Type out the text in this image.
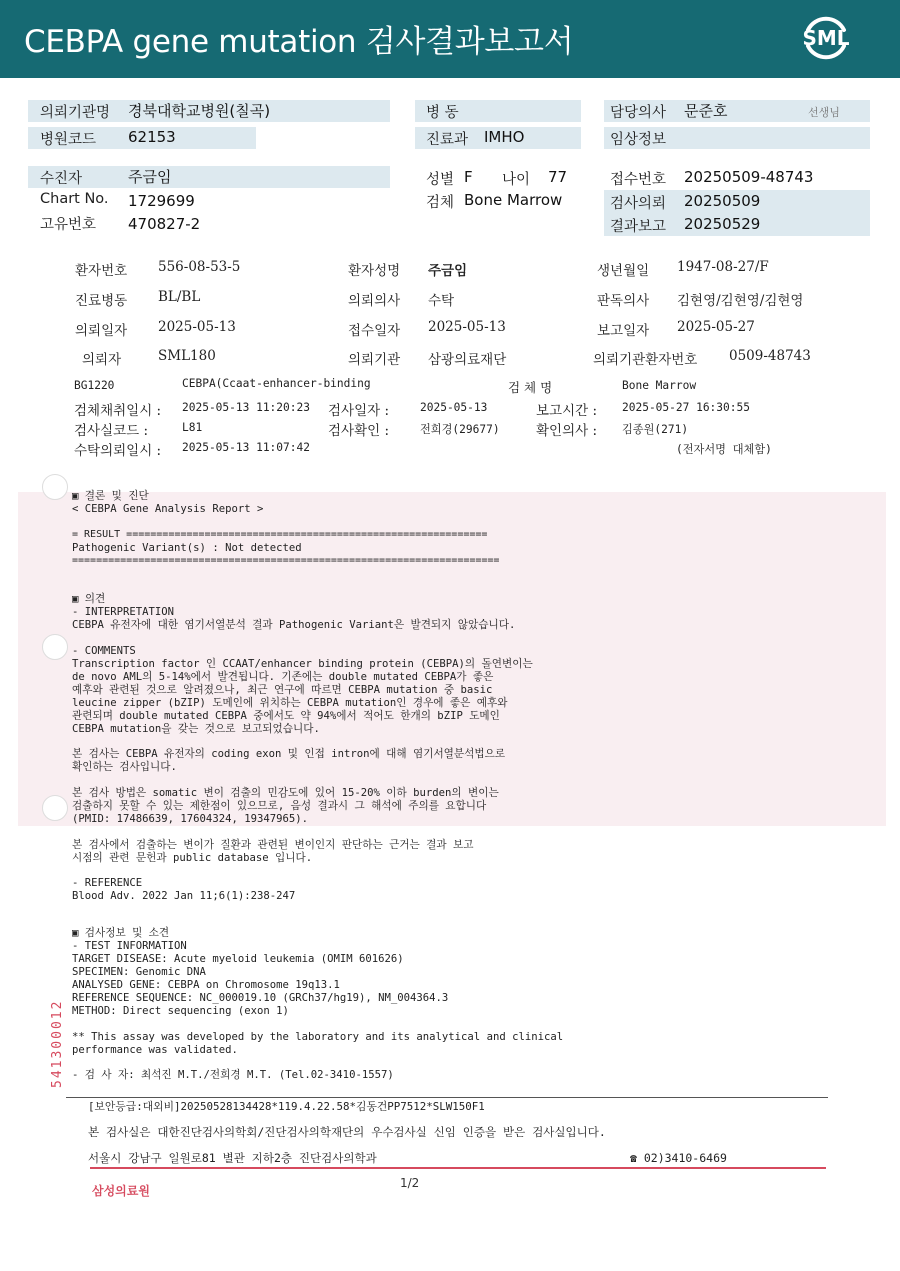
CEBPA gene mutation 검사결과보고서	SML
의뢰기관명 경북대학교병원(칠곡)
병원코드 62153
병 동
진료과 IMHO
담당의사 문준호	선생님
임상정보
수진자	주금임
Chart No. 1729699
고유번호 470827-2
성별 F 나이 77
검체 Bone Marrow
접수번호 20250509-48743
검사의뢰 20250509
결과보고 20250529
환자번호 556-08-53-5	환자성명 주금임	생년월일 1947-08-27/F
진료병동 BL/BL	의뢰의사 수탁	판독의사 김현영/김현영/김현영
의뢰일자 2025-05-13	접수일자 2025-05-13	보고일자 2025-05-27
의뢰자	SML180	의뢰기관 삼광의료재단	의뢰기관환자번호 0509-48743
BG1220	CEBPA(Ccaat-enhancer-binding	검 체 명	Bone Marrow
검체채취일시 : 2025-05-13 11:20:23 검사일자 :	2025-05-13	보고시간 : 2025-05-27 16:30:55
검사실코드 :	L81	검사확인 :	전희경(29677)	확인의사 : 김종원(271)
수탁의뢰일시 : 2025-05-13 11:07:42	(전자서명 대체함)
▣ 결론 및 진단
< CEBPA Gene Analysis Report >
= RESULT ============================================================
Pathogenic Variant(s) : Not detected
=======================================================================
▣ 의견
- INTERPRETATION
CEBPA 유전자에 대한 염기서열분석 결과 Pathogenic Variant은 발견되지 않았습니다.
- COMMENTS
Transcription factor 인 CCAAT/enhancer binding protein (CEBPA)의 돌연변이는
de novo AML의 5-14%에서 발견됩니다. 기존에는 double mutated CEBPA가 좋은
예후와 관련된 것으로 알려졌으나, 최근 연구에 따르면 CEBPA mutation 중 basic
leucine zipper (bZIP) 도메인에 위치하는 CEBPA mutation인 경우에 좋은 예후와
관련되며 double mutated CEBPA 중에서도 약 94%에서 적어도 한개의 bZIP 도메인
CEBPA mutation을 갖는 것으로 보고되었습니다.
본 검사는 CEBPA 유전자의 coding exon 및 인접 intron에 대해 염기서열분석법으로
확인하는 검사입니다.
본 검사 방법은 somatic 변이 검출의 민감도에 있어 15-20% 이하 burden의 변이는
검출하지 못할 수 있는 제한점이 있으므로, 음성 결과시 그 해석에 주의를 요합니다
(PMID: 17486639, 17604324, 19347965).
본 검사에서 검출하는 변이가 질환과 관련된 변이인지 판단하는 근거는 결과 보고
시점의 관련 문헌과 public database 입니다.
- REFERENCE
Blood Adv. 2022 Jan 11;6(1):238-247
▣ 검사정보 및 소견
- TEST INFORMATION
TARGET DISEASE: Acute myeloid leukemia (OMIM 601626)
SPECIMEN: Genomic DNA
ANALYSED GENE: CEBPA on Chromosome 19q13.1
REFERENCE SEQUENCE: NC_000019.10 (GRCh37/hg19), NM_004364.3
METHOD: Direct sequencing (exon 1)
** This assay was developed by the laboratory and its analytical and clinical
performance was validated.
- 검 사 자: 최석진 M.T./전희경 M.T. (Tel.02-3410-1557)
541300012
[보안등급:대외비]20250528134428*119.4.22.58*김동건PP7512*SLW150F1
본 검사실은 대한진단검사의학회/진단검사의학재단의 우수검사실 신임 인증을 받은 검사실입니다.
서울시 강남구 일원로81 별관 지하2층 진단검사의학과	☎ 02)3410-6469
삼성의료원
1/2
